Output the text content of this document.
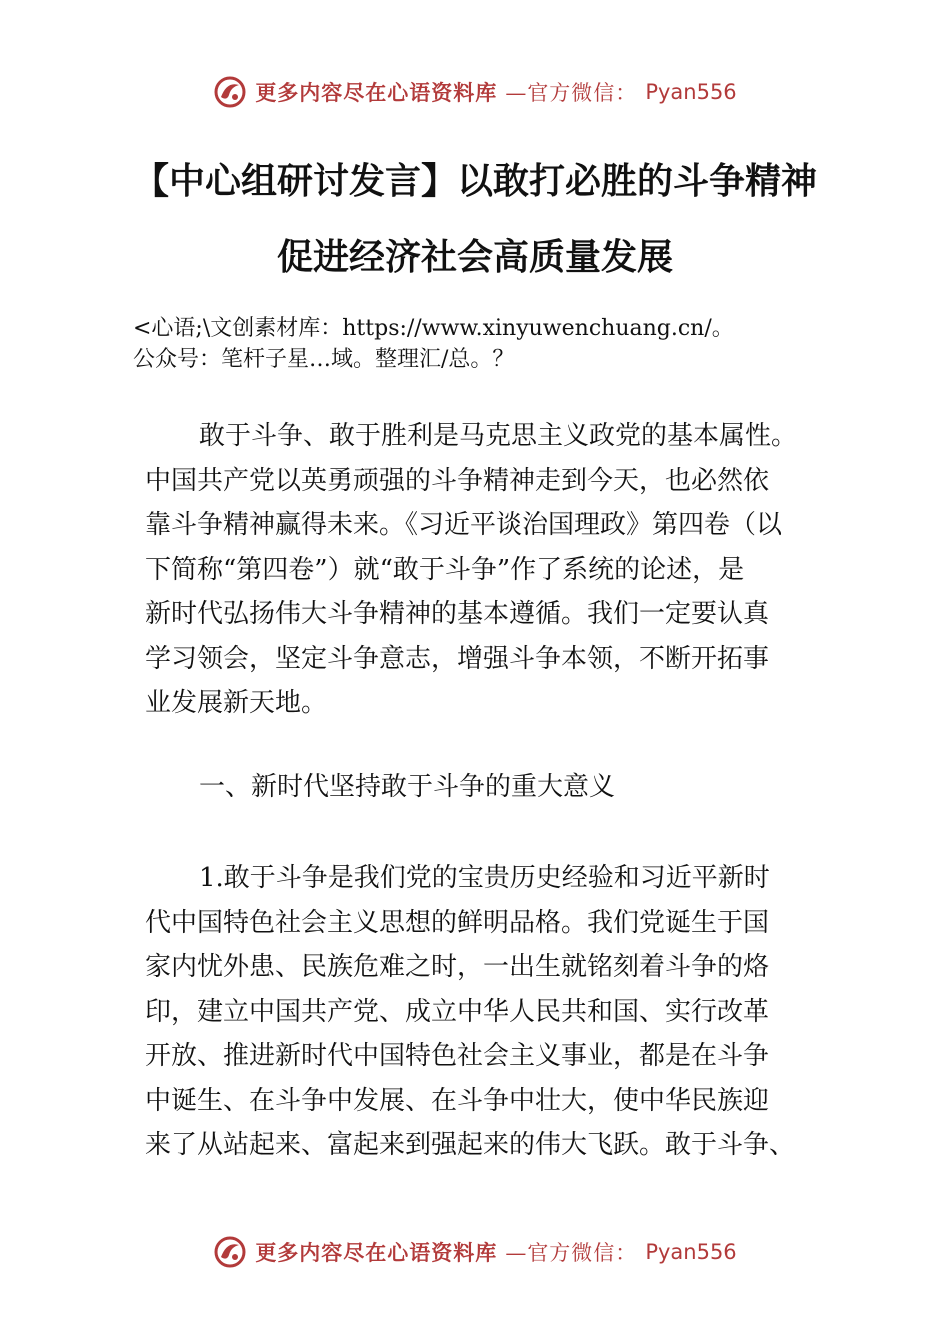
更多内容尽在心语资料库 —官方微信： Pyan556
【中心组研讨发言】以敢打必胜的斗争精神
促进经济社会高质量发展
<心语;\文创素材库：https://www.xinyuwenchuang.cn/。
公众号：笔杆子星…域。整理汇/总。？
敢于斗争、敢于胜利是马克思主义政党的基本属性。
中国共产党以英勇顽强的斗争精神走到今天，也必然依
靠斗争精神赢得未来。《习近平谈治国理政》第四卷（以
下简称“第四卷”）就“敢于斗争”作了系统的论述，是
新时代弘扬伟大斗争精神的基本遵循。我们一定要认真
学习领会，坚定斗争意志，增强斗争本领，不断开拓事
业发展新天地。
一、新时代坚持敢于斗争的重大意义
1.敢于斗争是我们党的宝贵历史经验和习近平新时
代中国特色社会主义思想的鲜明品格。我们党诞生于国
家内忧外患、民族危难之时，一出生就铭刻着斗争的烙
印，建立中国共产党、成立中华人民共和国、实行改革
开放、推进新时代中国特色社会主义事业，都是在斗争
中诞生、在斗争中发展、在斗争中壮大，使中华民族迎
来了从站起来、富起来到强起来的伟大飞跃。敢于斗争、
更多内容尽在心语资料库 —官方微信： Pyan556
